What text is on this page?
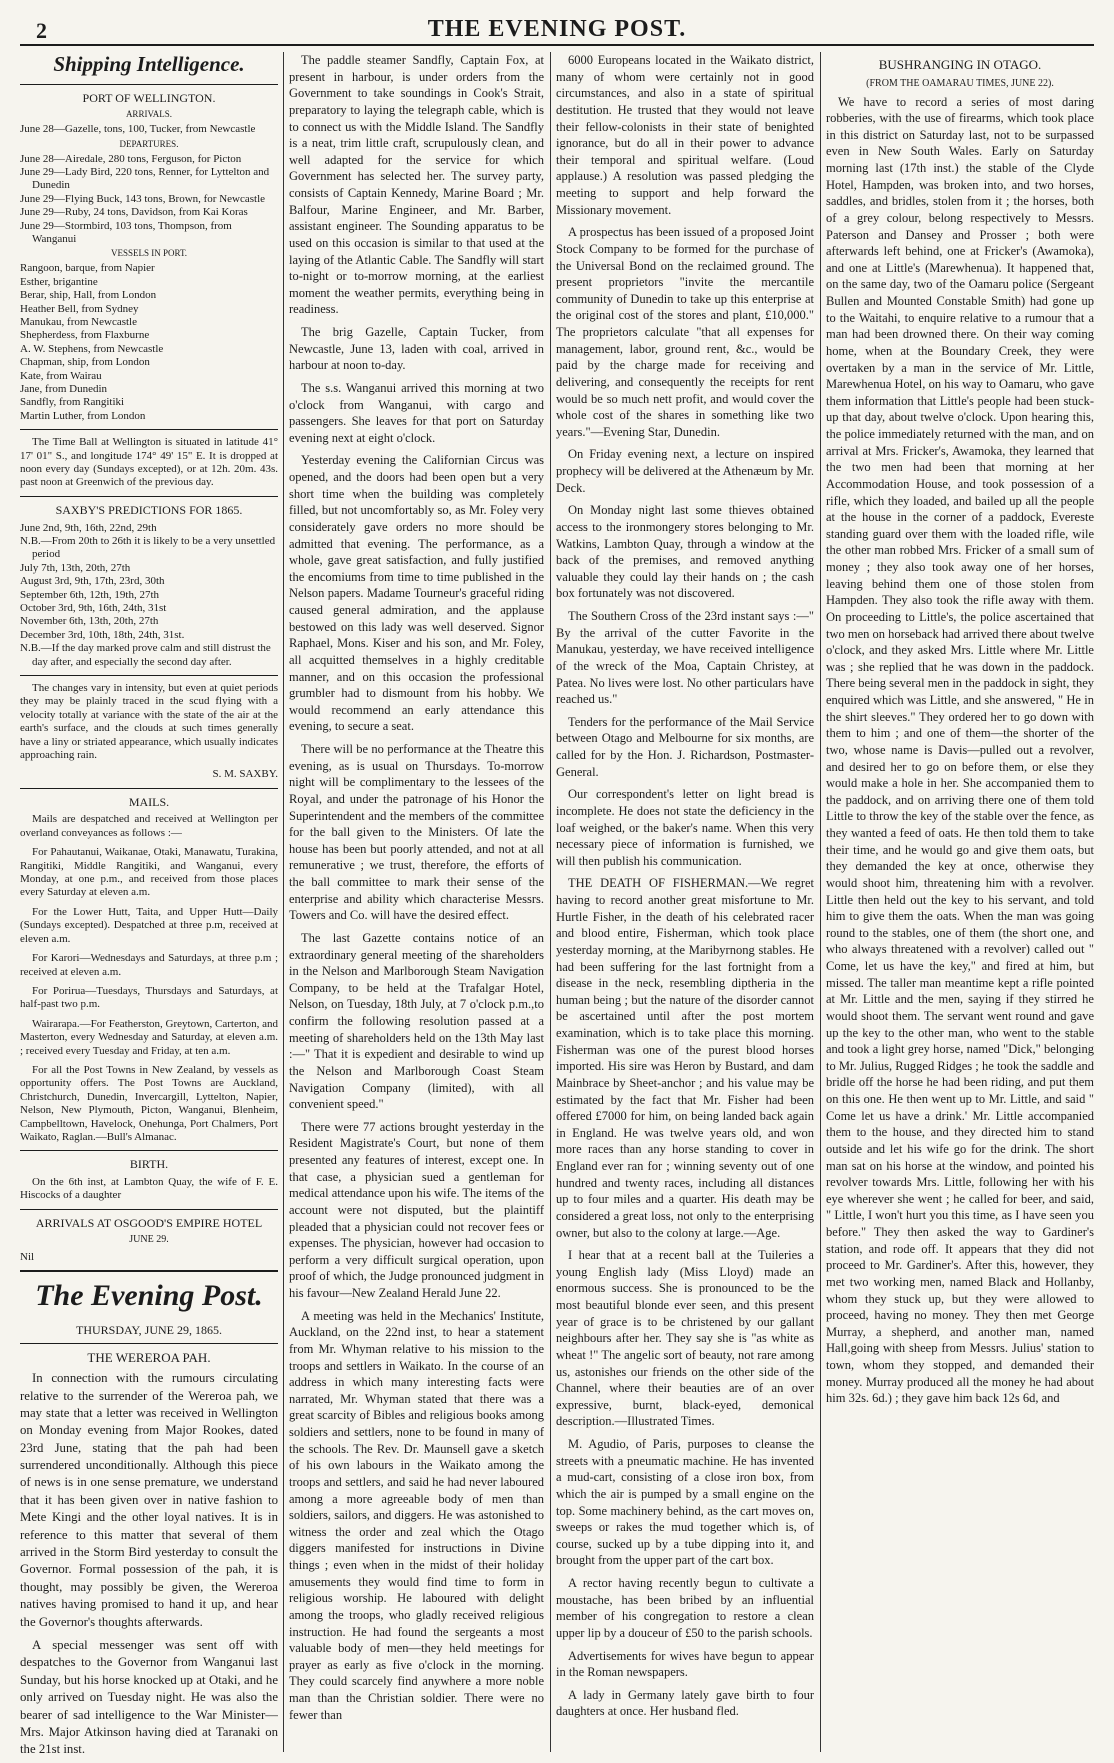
2	THE EVENING POST.
Shipping Intelligence.
PORT OF WELLINGTON.
ARRIVALS.

June 28—Gazelle, tons, 100, Tucker, from Newcastle

DEPARTURES.

June 28—Airedale, 280 tons, Ferguson, for Picton

June 29—Lady Bird, 220 tons, Renner, for Lyttelton and Dunedin

June 29—Flying Buck, 143 tons, Brown, for Newcastle

June 29—Ruby, 24 tons, Davidson, from Kai Koras

June 29—Stormbird, 103 tons, Thompson, from Wanganui

VESSELS IN PORT.

Rangoon, barque, from Napier

Esther, brigantine

Berar, ship, Hall, from London

Heather Bell, from Sydney

Manukau, from Newcastle

Shepherdess, from Flaxburne

A. W. Stephens, from Newcastle

Chapman, ship, from London

Kate, from Wairau

Jane, from Dunedin

Sandfly, from Rangitiki

Martin Luther, from London

The Time Ball at Wellington is situated in latitude 41° 17' 01" S., and longitude 174° 49' 15" E. It is dropped at noon every day (Sundays excepted), or at 12h. 20m. 43s. past noon at Greenwich of the previous day.

SAXBY'S PREDICTIONS FOR 1865.

June 2nd, 9th, 16th, 22nd, 29th

N.B.—From 20th to 26th it is likely to be a very unsettled period

July 7th, 13th, 20th, 27th

August 3rd, 9th, 17th, 23rd, 30th

September 6th, 12th, 19th, 27th

October 3rd, 9th, 16th, 24th, 31st

November 6th, 13th, 20th, 27th

December 3rd, 10th, 18th, 24th, 31st.

N.B.—If the day marked prove calm and still distrust the day after, and especially the second day after.

The changes vary in intensity, but even at quiet periods they may be plainly traced in the scud flying with a velocity totally at variance with the state of the air at the earth's surface, and the clouds at such times generally have a liny or striated appearance, which usually indicates approaching rain.

S. M. SAXBY.
MAILS.

Mails are despatched and received at Wellington per overland conveyances as follows :—

For Pahautanui, Waikanae, Otaki, Manawatu, Turakina, Rangitiki, Middle Rangitiki, and Wanganui, every Monday, at one p.m., and received from those places every Saturday at eleven a.m.

For the Lower Hutt, Taita, and Upper Hutt—Daily (Sundays excepted). Despatched at three p.m, received at eleven a.m.

For Karori—Wednesdays and Saturdays, at three p.m ; received at eleven a.m.

For Porirua—Tuesdays, Thursdays and Saturdays, at half-past two p.m.

Wairarapa.—For Featherston, Greytown, Carterton, and Masterton, every Wednesday and Saturday, at eleven a.m. ; received every Tuesday and Friday, at ten a.m.

For all the Post Towns in New Zealand, by vessels as opportunity offers. The Post Towns are Auckland, Christchurch, Dunedin, Invercargill, Lyttelton, Napier, Nelson, New Plymouth, Picton, Wanganui, Blenheim, Campbelltown, Havelock, Onehunga, Port Chalmers, Port Waikato, Raglan.—Bull's Almanac.

BIRTH.

On the 6th inst, at Lambton Quay, the wife of F. E. Hiscocks of a daughter

ARRIVALS AT OSGOOD'S EMPIRE HOTEL
JUNE 29.

Nil

The Evening Post.
THURSDAY, JUNE 29, 1865.
THE WEREROA PAH.

In connection with the rumours circulating relative to the surrender of the Wereroa pah, we may state that a letter was received in Wellington on Monday evening from Major Rookes, dated 23rd June, stating that the pah had been surrendered unconditionally. Although this piece of news is in one sense premature, we understand that it has been given over in native fashion to Mete Kingi and the other loyal natives. It is in reference to this matter that several of them arrived in the Storm Bird yesterday to consult the Governor. Formal possession of the pah, it is thought, may possibly be given, the Wereroa natives having promised to hand it up, and hear the Governor's thoughts afterwards.

A special messenger was sent off with despatches to the Governor from Wanganui last Sunday, but his horse knocked up at Otaki, and he only arrived on Tuesday night. He was also the bearer of sad intelligence to the War Minister—Mrs. Major Atkinson having died at Taranaki on the 21st inst.

The paddle steamer Sandfly, Captain Fox, at present in harbour, is under orders from the Government to take soundings in Cook's Strait, preparatory to laying the telegraph cable, which is to connect us with the Middle Island. The Sandfly is a neat, trim little craft, scrupulously clean, and well adapted for the service for which Government has selected her. The survey party, consists of Captain Kennedy, Marine Board ; Mr. Balfour, Marine Engineer, and Mr. Barber, assistant engineer. The Sounding apparatus to be used on this occasion is similar to that used at the laying of the Atlantic Cable. The Sandfly will start to-night or to-morrow morning, at the earliest moment the weather permits, everything being in readiness.

The brig Gazelle, Captain Tucker, from Newcastle, June 13, laden with coal, arrived in harbour at noon to-day.

The s.s. Wanganui arrived this morning at two o'clock from Wanganui, with cargo and passengers. She leaves for that port on Saturday evening next at eight o'clock.

Yesterday evening the Californian Circus was opened, and the doors had been open but a very short time when the building was completely filled, but not uncomfortably so, as Mr. Foley very considerately gave orders no more should be admitted that evening. The performance, as a whole, gave great satisfaction, and fully justified the encomiums from time to time published in the Nelson papers. Madame Tourneur's graceful riding caused general admiration, and the applause bestowed on this lady was well deserved. Signor Raphael, Mons. Kiser and his son, and Mr. Foley, all acquitted themselves in a highly creditable manner, and on this occasion the professional grumbler had to dismount from his hobby. We would recommend an early attendance this evening, to secure a seat.

There will be no performance at the Theatre this evening, as is usual on Thursdays. To-morrow night will be complimentary to the lessees of the Royal, and under the patronage of his Honor the Superintendent and the members of the committee for the ball given to the Ministers. Of late the house has been but poorly attended, and not at all remunerative ; we trust, therefore, the efforts of the ball committee to mark their sense of the enterprise and ability which characterise Messrs. Towers and Co. will have the desired effect.

The last Gazette contains notice of an extraordinary general meeting of the shareholders in the Nelson and Marlborough Steam Navigation Company, to be held at the Trafalgar Hotel, Nelson, on Tuesday, 18th July, at 7 o'clock p.m.,to confirm the following resolution passed at a meeting of shareholders held on the 13th May last :—" That it is expedient and desirable to wind up the Nelson and Marlborough Coast Steam Navigation Company (limited), with all convenient speed."

There were 77 actions brought yesterday in the Resident Magistrate's Court, but none of them presented any features of interest, except one. In that case, a physician sued a gentleman for medical attendance upon his wife. The items of the account were not disputed, but the plaintiff pleaded that a physician could not recover fees or expenses. The physician, however had occasion to perform a very difficult surgical operation, upon proof of which, the Judge pronounced judgment in his favour—New Zealand Herald June 22.

A meeting was held in the Mechanics' Institute, Auckland, on the 22nd inst, to hear a statement from Mr. Whyman relative to his mission to the troops and settlers in Waikato. In the course of an address in which many interesting facts were narrated, Mr. Whyman stated that there was a great scarcity of Bibles and religious books among soldiers and settlers, none to be found in many of the schools. The Rev. Dr. Maunsell gave a sketch of his own labours in the Waikato among the troops and settlers, and said he had never laboured among a more agreeable body of men than soldiers, sailors, and diggers. He was astonished to witness the order and zeal which the Otago diggers manifested for instructions in Divine things ; even when in the midst of their holiday amusements they would find time to form in religious worship. He laboured with delight among the troops, who gladly received religious instruction. He had found the sergeants a most valuable body of men—they held meetings for prayer as early as five o'clock in the morning. They could scarcely find anywhere a more noble man than the Christian soldier. There were no fewer than

6000 Europeans located in the Waikato district, many of whom were certainly not in good circumstances, and also in a state of spiritual destitution. He trusted that they would not leave their fellow-colonists in their state of benighted ignorance, but do all in their power to advance their temporal and spiritual welfare. (Loud applause.) A resolution was passed pledging the meeting to support and help forward the Missionary movement.

A prospectus has been issued of a proposed Joint Stock Company to be formed for the purchase of the Universal Bond on the reclaimed ground. The present proprietors "invite the mercantile community of Dunedin to take up this enterprise at the original cost of the stores and plant, £10,000." The proprietors calculate "that all expenses for management, labor, ground rent, &c., would be paid by the charge made for receiving and delivering, and consequently the receipts for rent would be so much nett profit, and would cover the whole cost of the shares in something like two years."—Evening Star, Dunedin.

On Friday evening next, a lecture on inspired prophecy will be delivered at the Athenæum by Mr. Deck.

On Monday night last some thieves obtained access to the ironmongery stores belonging to Mr. Watkins, Lambton Quay, through a window at the back of the premises, and removed anything valuable they could lay their hands on ; the cash box fortunately was not discovered.

The Southern Cross of the 23rd instant says :—" By the arrival of the cutter Favorite in the Manukau, yesterday, we have received intelligence of the wreck of the Moa, Captain Christey, at Patea. No lives were lost. No other particulars have reached us."

Tenders for the performance of the Mail Service between Otago and Melbourne for six months, are called for by the Hon. J. Richardson, Postmaster-General.

Our correspondent's letter on light bread is incomplete. He does not state the deficiency in the loaf weighed, or the baker's name. When this very necessary piece of information is furnished, we will then publish his communication.

THE DEATH OF FISHERMAN.—We regret having to record another great misfortune to Mr. Hurtle Fisher, in the death of his celebrated racer and blood entire, Fisherman, which took place yesterday morning, at the Maribyrnong stables. He had been suffering for the last fortnight from a disease in the neck, resembling diptheria in the human being ; but the nature of the disorder cannot be ascertained until after the post mortem examination, which is to take place this morning. Fisherman was one of the purest blood horses imported. His sire was Heron by Bustard, and dam Mainbrace by Sheet-anchor ; and his value may be estimated by the fact that Mr. Fisher had been offered £7000 for him, on being landed back again in England. He was twelve years old, and won more races than any horse standing to cover in England ever ran for ; winning seventy out of one hundred and twenty races, including all distances up to four miles and a quarter. His death may be considered a great loss, not only to the enterprising owner, but also to the colony at large.—Age.

I hear that at a recent ball at the Tuileries a young English lady (Miss Lloyd) made an enormous success. She is pronounced to be the most beautiful blonde ever seen, and this present year of grace is to be christened by our gallant neighbours after her. They say she is "as white as wheat !" The angelic sort of beauty, not rare among us, astonishes our friends on the other side of the Channel, where their beauties are of an over expressive, burnt, black-eyed, demonical description.—Illustrated Times.

M. Agudio, of Paris, purposes to cleanse the streets with a pneumatic machine. He has invented a mud-cart, consisting of a close iron box, from which the air is pumped by a small engine on the top. Some machinery behind, as the cart moves on, sweeps or rakes the mud together which is, of course, sucked up by a tube dipping into it, and brought from the upper part of the cart box.

A rector having recently begun to cultivate a moustache, has been bribed by an influential member of his congregation to restore a clean upper lip by a douceur of £50 to the parish schools.

Advertisements for wives have begun to appear in the Roman newspapers.

A lady in Germany lately gave birth to four daughters at once. Her husband fled.

BUSHRANGING IN OTAGO.
(FROM THE OAMARAU TIMES, JUNE 22).

We have to record a series of most daring robberies, with the use of firearms, which took place in this district on Saturday last, not to be surpassed even in New South Wales. Early on Saturday morning last (17th inst.) the stable of the Clyde Hotel, Hampden, was broken into, and two horses, saddles, and bridles, stolen from it ; the horses, both of a grey colour, belong respectively to Messrs. Paterson and Dansey and Prosser ; both were afterwards left behind, one at Fricker's (Awamoka), and one at Little's (Marewhenua). It happened that, on the same day, two of the Oamaru police (Sergeant Bullen and Mounted Constable Smith) had gone up to the Waitahi, to enquire relative to a rumour that a man had been drowned there. On their way coming home, when at the Boundary Creek, they were overtaken by a man in the service of Mr. Little, Marewhenua Hotel, on his way to Oamaru, who gave them information that Little's people had been stuck-up that day, about twelve o'clock. Upon hearing this, the police immediately returned with the man, and on arrival at Mrs. Fricker's, Awamoka, they learned that the two men had been that morning at her Accommodation House, and took possession of a rifle, which they loaded, and bailed up all the people at the house in the corner of a paddock, Evereste standing guard over them with the loaded rifle, wile the other man robbed Mrs. Fricker of a small sum of money ; they also took away one of her horses, leaving behind them one of those stolen from Hampden. They also took the rifle away with them. On proceeding to Little's, the police ascertained that two men on horseback had arrived there about twelve o'clock, and they asked Mrs. Little where Mr. Little was ; she replied that he was down in the paddock. There being several men in the paddock in sight, they enquired which was Little, and she answered, " He in the shirt sleeves." They ordered her to go down with them to him ; and one of them—the shorter of the two, whose name is Davis—pulled out a revolver, and desired her to go on before them, or else they would make a hole in her. She accompanied them to the paddock, and on arriving there one of them told Little to throw the key of the stable over the fence, as they wanted a feed of oats. He then told them to take their time, and he would go and give them oats, but they demanded the key at once, otherwise they would shoot him, threatening him with a revolver. Little then held out the key to his servant, and told him to give them the oats. When the man was going round to the stables, one of them (the short one, and who always threatened with a revolver) called out " Come, let us have the key," and fired at him, but missed. The taller man meantime kept a rifle pointed at Mr. Little and the men, saying if they stirred he would shoot them. The servant went round and gave up the key to the other man, who went to the stable and took a light grey horse, named "Dick," belonging to Mr. Julius, Rugged Ridges ; he took the saddle and bridle off the horse he had been riding, and put them on this one. He then went up to Mr. Little, and said " Come let us have a drink.' Mr. Little accompanied them to the house, and they directed him to stand outside and let his wife go for the drink. The short man sat on his horse at the window, and pointed his revolver towards Mrs. Little, following her with his eye wherever she went ; he called for beer, and said, " Little, I won't hurt you this time, as I have seen you before." They then asked the way to Gardiner's station, and rode off. It appears that they did not proceed to Mr. Gardiner's. After this, however, they met two working men, named Black and Hollanby, whom they stuck up, but they were allowed to proceed, having no money. They then met George Murray, a shepherd, and another man, named Hall,going with sheep from Messrs. Julius' station to town, whom they stopped, and demanded their money. Murray produced all the money he had about him 32s. 6d.) ; they gave him back 12s 6d, and
